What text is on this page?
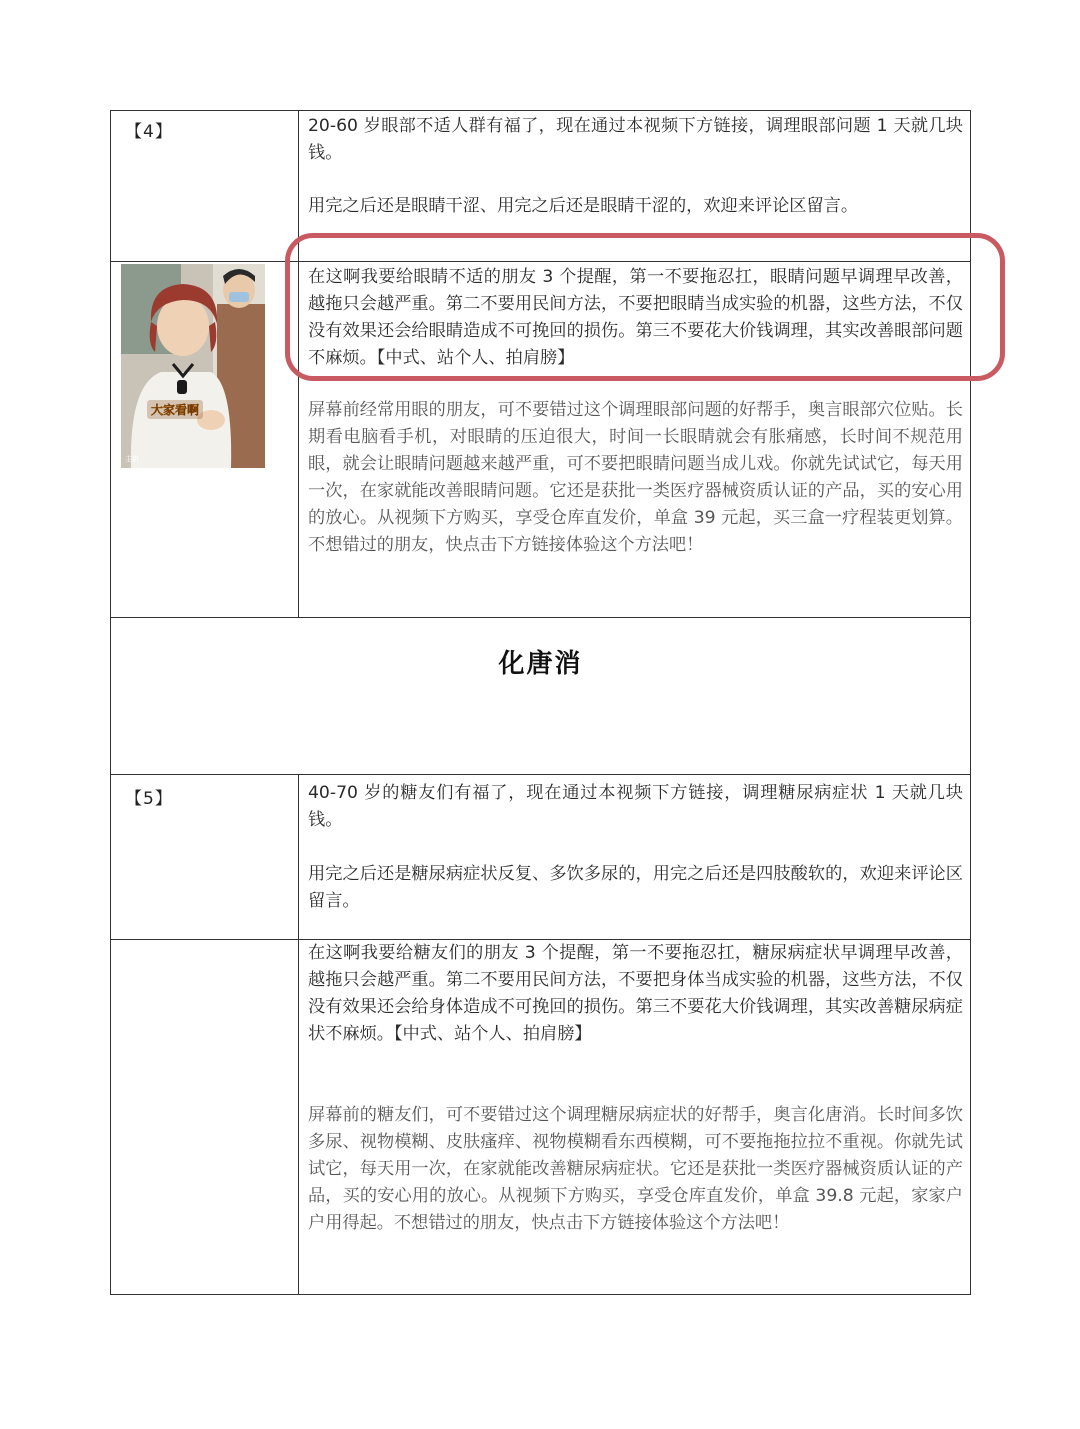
【4】	20-60 岁眼部不适人群有福了，现在通过本视频下方链接，调理眼部问题 1 天就几块钱。

用完之后还是眼睛干涩、用完之后还是眼睛干涩的，欢迎来评论区留言。

大家看啊
主讲

在这啊我要给眼睛不适的朋友 3 个提醒，第一不要拖忍扛，眼睛问题早调理早改善，越拖只会越严重。第二不要用民间方法，不要把眼睛当成实验的机器，这些方法，不仅没有效果还会给眼睛造成不可挽回的损伤。第三不要花大价钱调理，其实改善眼部问题不麻烦。【中式、站个人、拍肩膀】

屏幕前经常用眼的朋友，可不要错过这个调理眼部问题的好帮手，奥言眼部穴位贴。长期看电脑看手机，对眼睛的压迫很大，时间一长眼睛就会有胀痛感，长时间不规范用眼，就会让眼睛问题越来越严重，可不要把眼睛问题当成儿戏。你就先试试它，每天用一次，在家就能改善眼睛问题。它还是获批一类医疗器械资质认证的产品，买的安心用的放心。从视频下方购买，享受仓库直发价，单盒 39 元起，买三盒一疗程装更划算。不想错过的朋友，快点击下方链接体验这个方法吧！

化唐消
【5】	40-70 岁的糖友们有福了，现在通过本视频下方链接，调理糖尿病症状 1 天就几块钱。

用完之后还是糖尿病症状反复、多饮多尿的，用完之后还是四肢酸软的，欢迎来评论区留言。

在这啊我要给糖友们的朋友 3 个提醒，第一不要拖忍扛，糖尿病症状早调理早改善，越拖只会越严重。第二不要用民间方法，不要把身体当成实验的机器，这些方法，不仅没有效果还会给身体造成不可挽回的损伤。第三不要花大价钱调理，其实改善糖尿病症状不麻烦。【中式、站个人、拍肩膀】

屏幕前的糖友们，可不要错过这个调理糖尿病症状的好帮手，奥言化唐消。长时间多饮多尿、视物模糊、皮肤瘙痒、视物模糊看东西模糊，可不要拖拖拉拉不重视。你就先试试它，每天用一次，在家就能改善糖尿病症状。它还是获批一类医疗器械资质认证的产品，买的安心用的放心。从视频下方购买，享受仓库直发价，单盒 39.8 元起，家家户户用得起。不想错过的朋友，快点击下方链接体验这个方法吧！
